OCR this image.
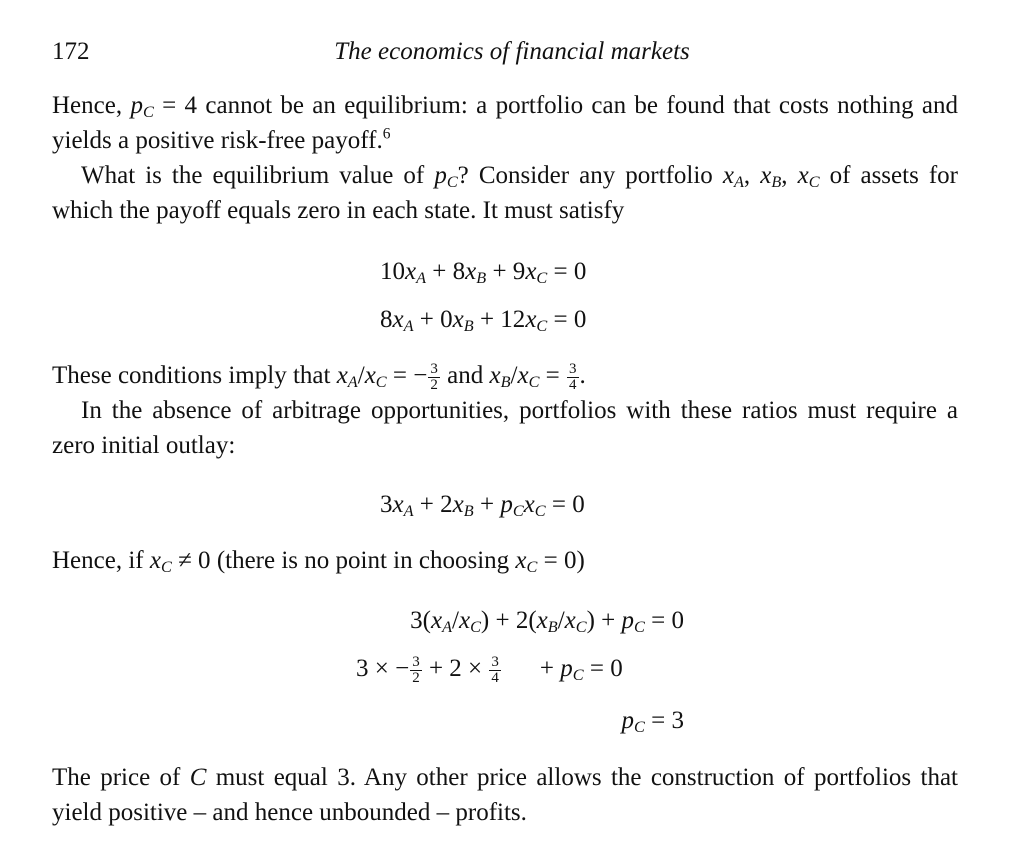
172	The economics of financial markets
Hence, $p_C = 4$ cannot be an equilibrium: a portfolio can be found that costs nothing and yields a positive risk-free payoff.$^6$
What is the equilibrium value of $p_C$? Consider any portfolio $x_A$, $x_B$, $x_C$ of assets for which the payoff equals zero in each state. It must satisfy
$10x_A + 8x_B + 9x_C = 0$
$8x_A + 0x_B + 12x_C = 0$
These conditions imply that $x_A/x_C$ = − $\frac{3}{2}$ and $x_B/x_C = \frac{3}{4}$ .
In the absence of arbitrage opportunities, portfolios with these ratios must require a zero initial outlay:
$3x_A + 2x_B + p_Cx_C = 0$
Hence, if $x_C \ne 0$ (there is no point in choosing $x_C = 0$)
$3(x_A/x_C) + 2(x_B/x_C) + p_C = 0$
3 × − $\frac{3}{2} + 2 \times \frac{3}{4} + p_C = 0$
$p_C = 3$
The price of C must equal 3. Any other price allows the construction of portfolios that yield positive – and hence unbounded – profits.
